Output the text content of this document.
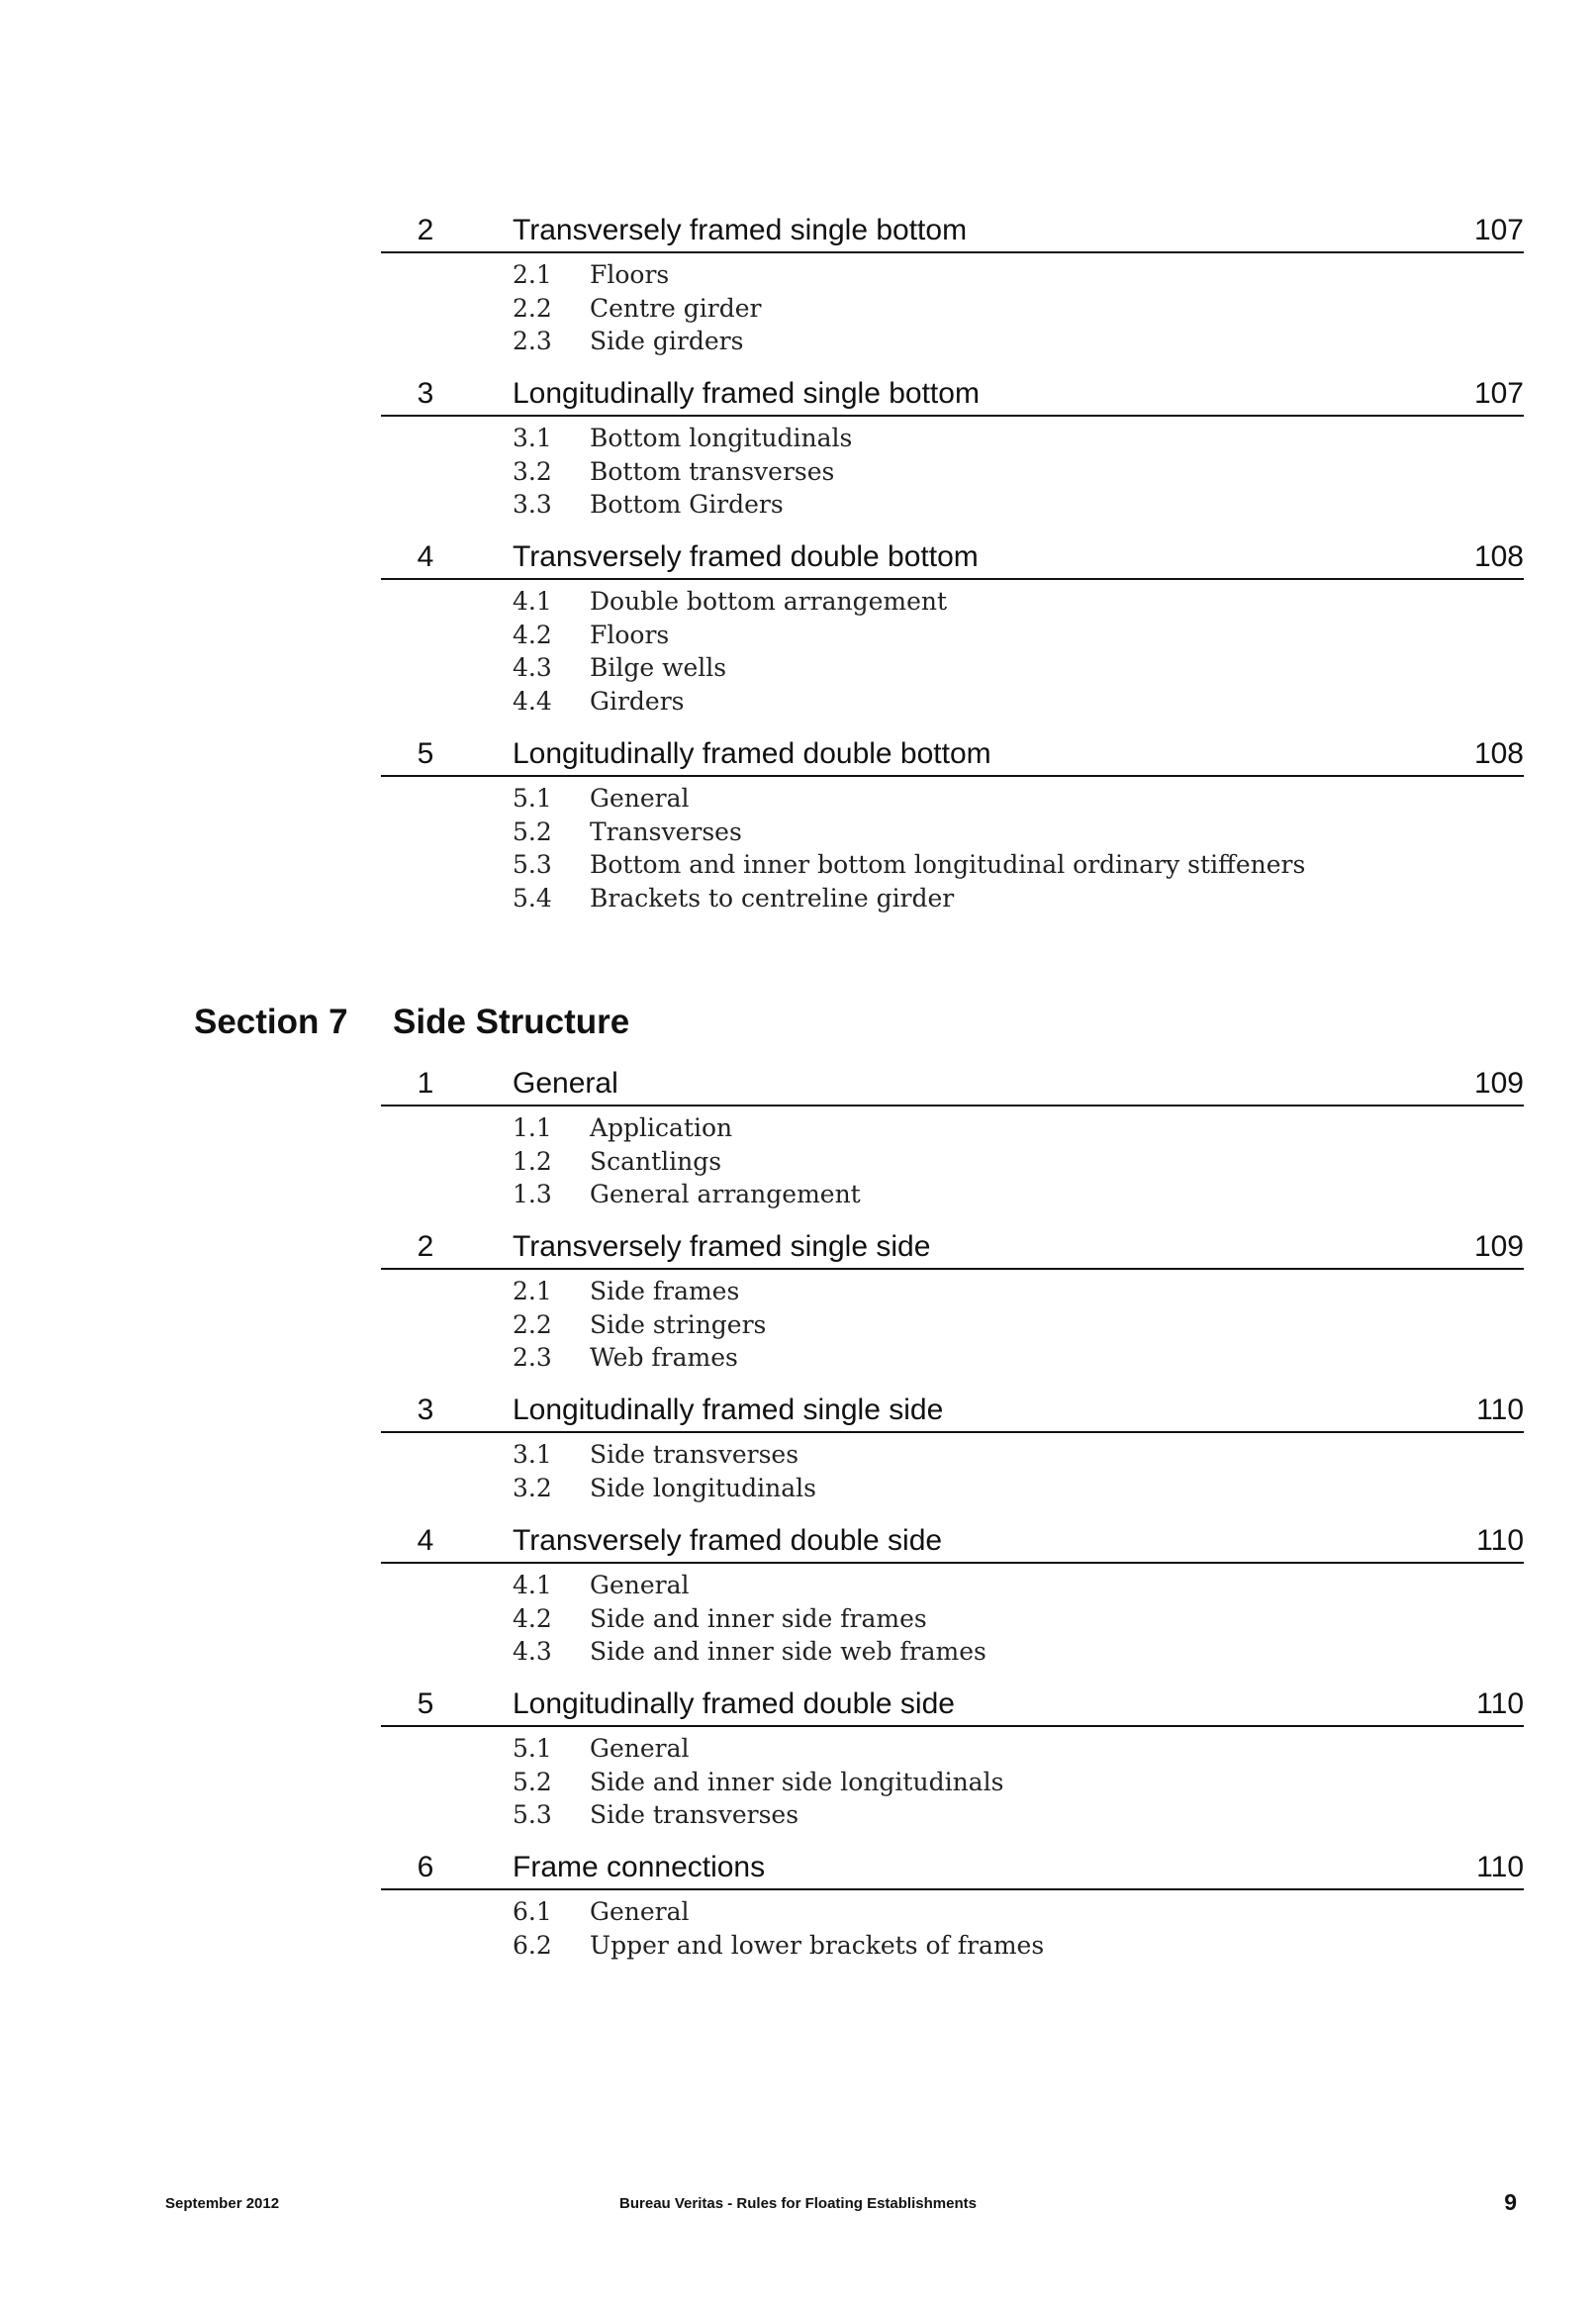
2	Transversely framed single bottom	107
2.1 Floors
2.2 Centre girder
2.3 Side girders
3	Longitudinally framed single bottom	107
3.1 Bottom longitudinals
3.2 Bottom transverses
3.3 Bottom Girders
4	Transversely framed double bottom	108
4.1 Double bottom arrangement
4.2 Floors
4.3 Bilge wells
4.4 Girders
5	Longitudinally framed double bottom	108
5.1 General
5.2 Transverses
5.3 Bottom and inner bottom longitudinal ordinary stiffeners
5.4 Brackets to centreline girder
Section 7 Side Structure
1	General	109
1.1 Application
1.2 Scantlings
1.3 General arrangement
2	Transversely framed single side	109
2.1 Side frames
2.2 Side stringers
2.3 Web frames
3	Longitudinally framed single side	110
3.1 Side transverses
3.2 Side longitudinals
4	Transversely framed double side	110
4.1 General
4.2 Side and inner side frames
4.3 Side and inner side web frames
5	Longitudinally framed double side	110
5.1 General
5.2 Side and inner side longitudinals
5.3 Side transverses
6	Frame connections	110
6.1 General
6.2 Upper and lower brackets of frames
September 2012	Bureau Veritas - Rules for Floating Establishments	9
